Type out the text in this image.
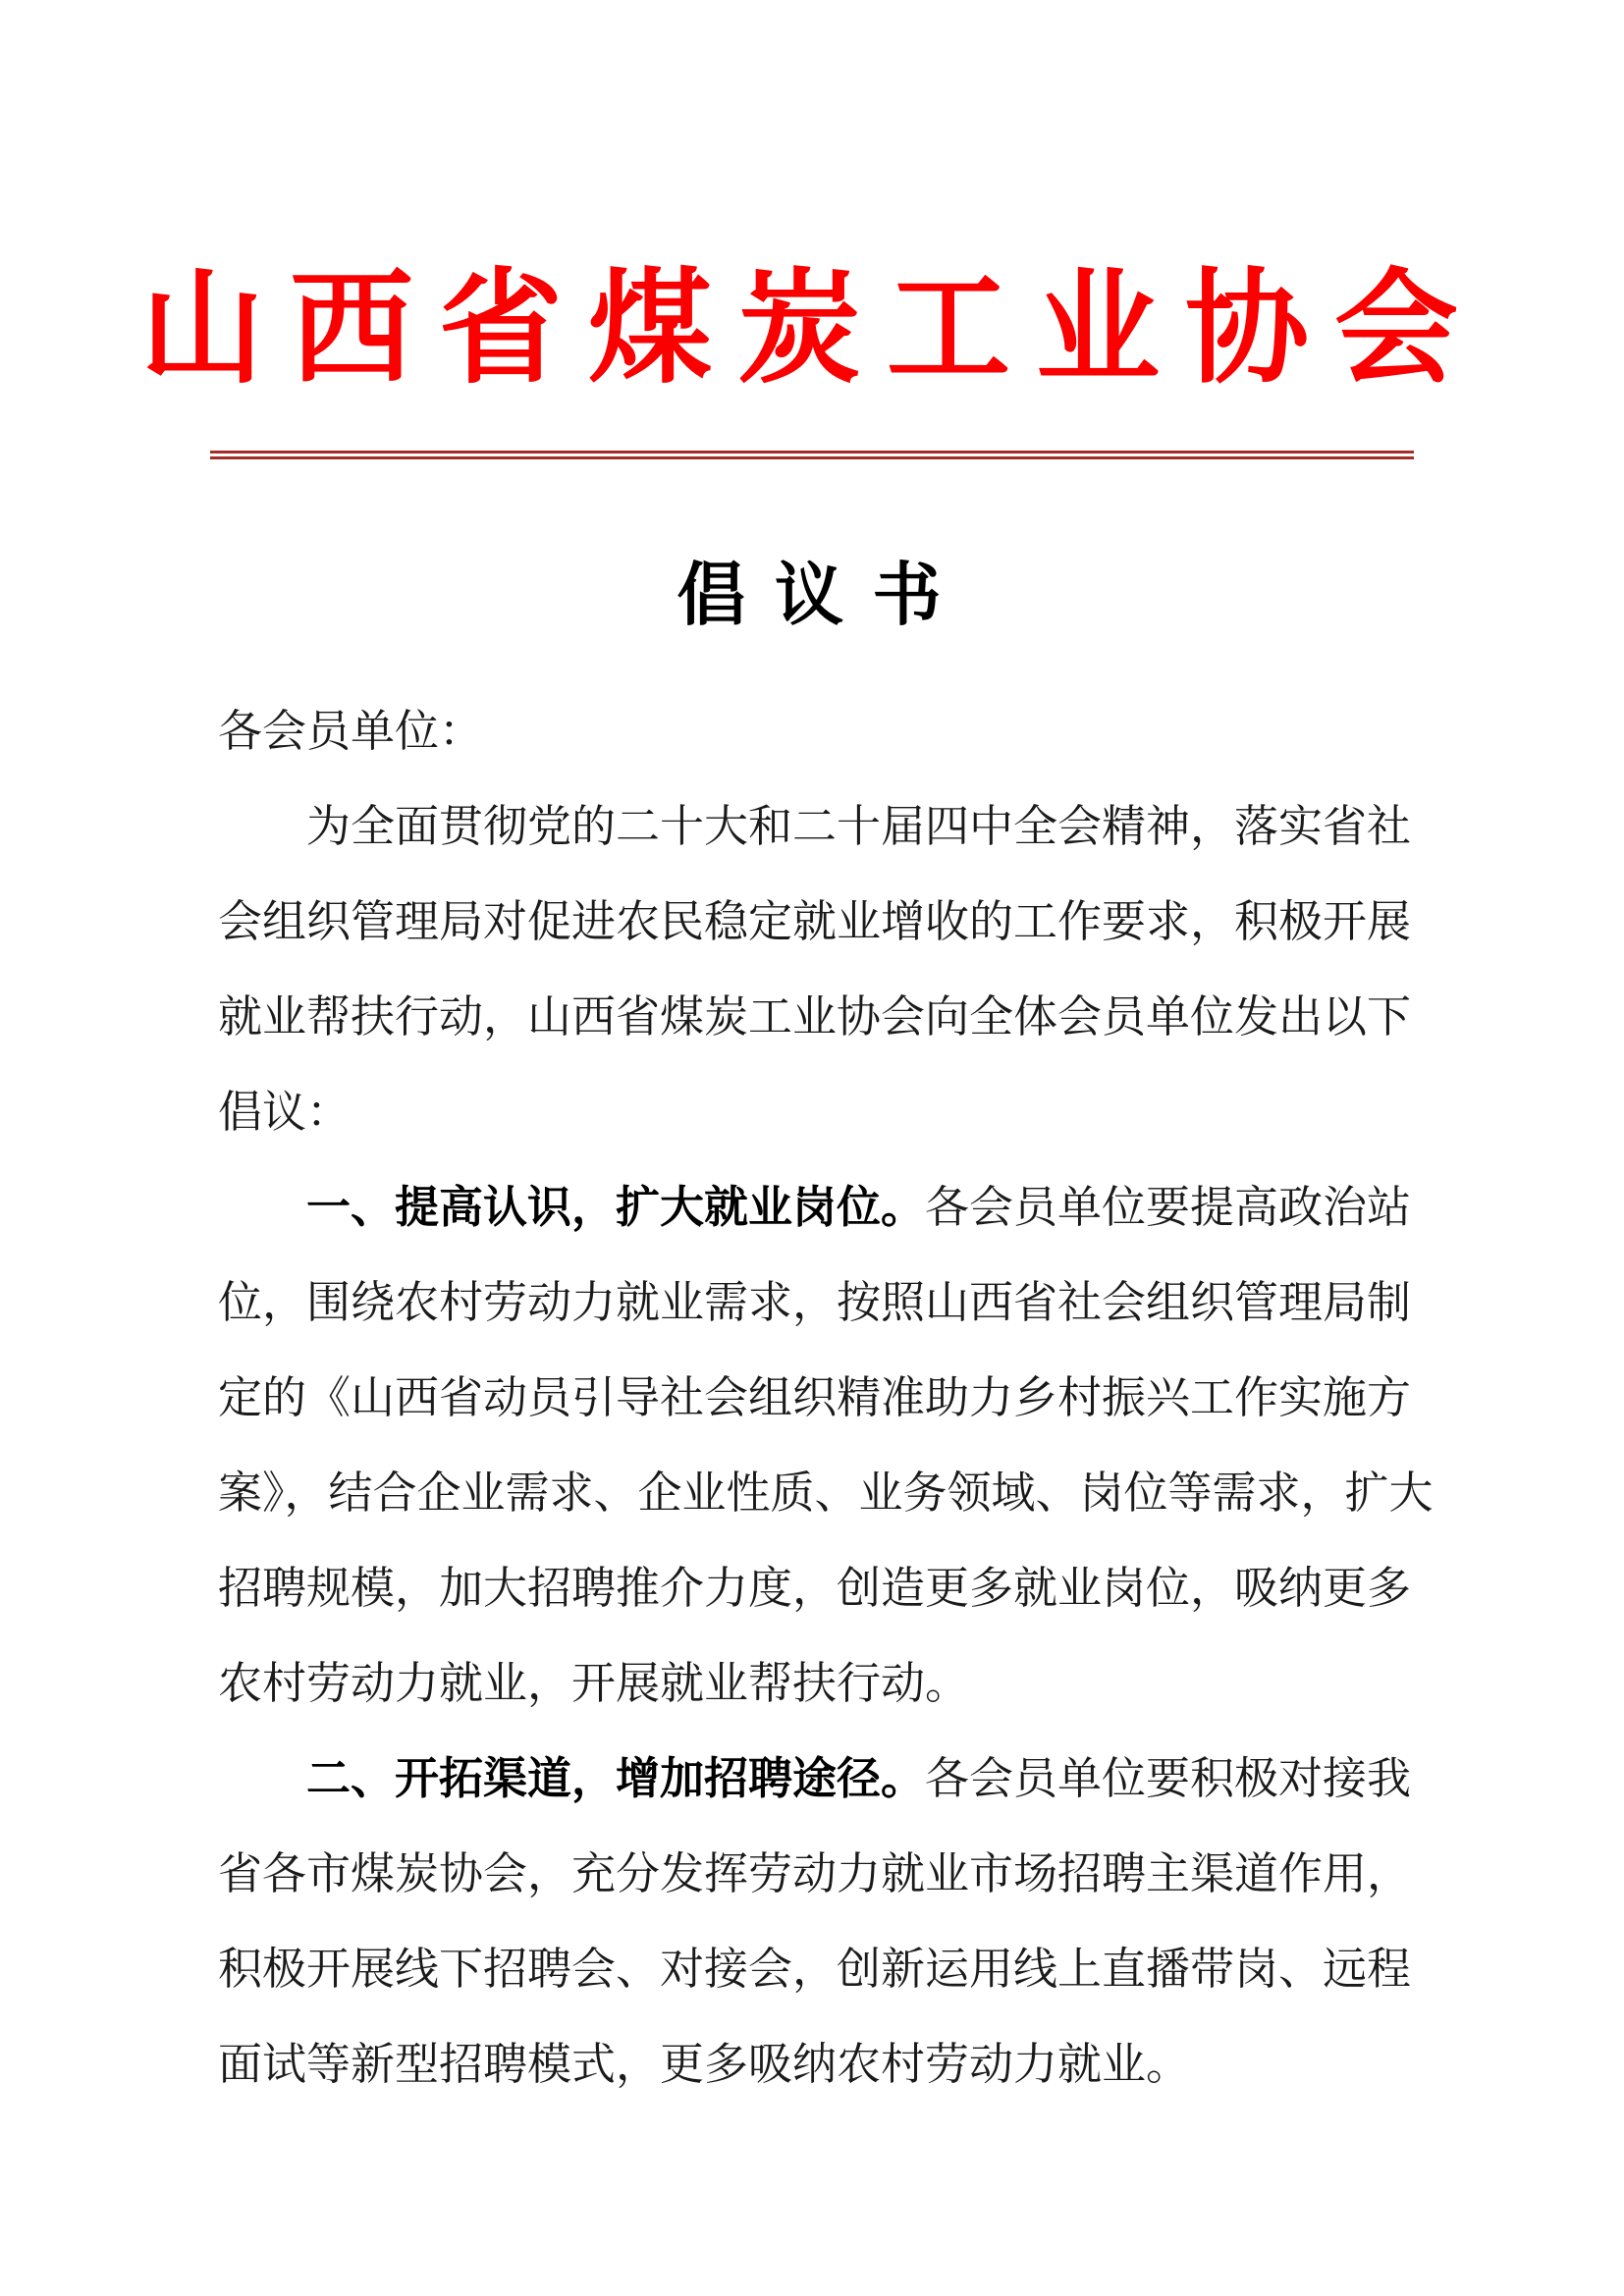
山西省煤炭工业协会
倡 议 书
各会员单位：
为全面贯彻党的二十大和二十届四中全会精神，落实省社
会组织管理局对促进农民稳定就业增收的工作要求，积极开展
就业帮扶行动，山西省煤炭工业协会向全体会员单位发出以下
倡议：
一、提高认识，扩大就业岗位。各会员单位要提高政治站
位，围绕农村劳动力就业需求，按照山西省社会组织管理局制
定的《山西省动员引导社会组织精准助力乡村振兴工作实施方
案》，结合企业需求、企业性质、业务领域、岗位等需求，扩大
招聘规模，加大招聘推介力度，创造更多就业岗位，吸纳更多
农村劳动力就业，开展就业帮扶行动。
二、开拓渠道，增加招聘途径。各会员单位要积极对接我
省各市煤炭协会，充分发挥劳动力就业市场招聘主渠道作用，
积极开展线下招聘会、对接会，创新运用线上直播带岗、远程
面试等新型招聘模式，更多吸纳农村劳动力就业。
